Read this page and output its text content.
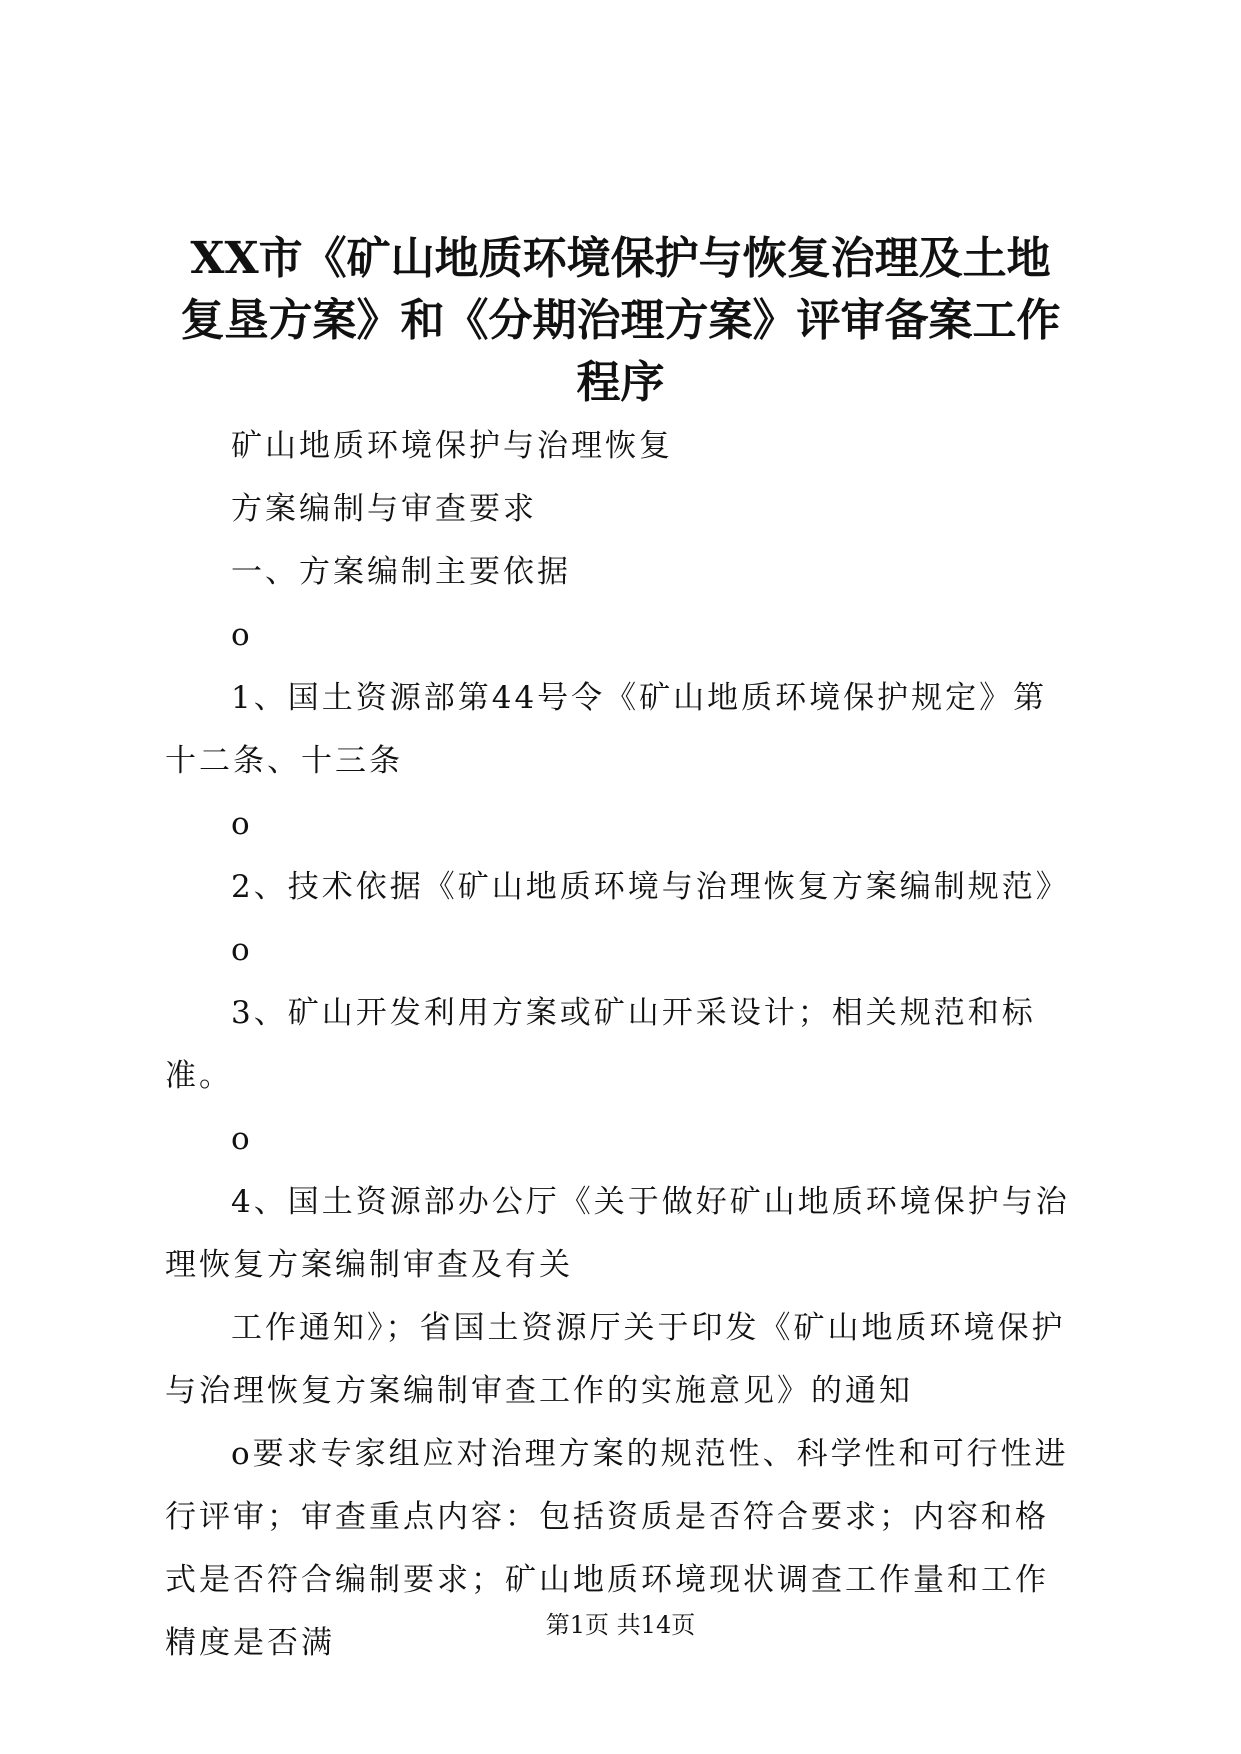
XX市《矿山地质环境保护与恢复治理及土地
复垦方案》和《分期治理方案》评审备案工作
程序

矿山地质环境保护与治理恢复

方案编制与审查要求

一、方案编制主要依据

o

1、国土资源部第44号令《矿山地质环境保护规定》第十二条、十三条

o

2、技术依据《矿山地质环境与治理恢复方案编制规范》

o

3、矿山开发利用方案或矿山开采设计；相关规范和标准。

o

4、国土资源部办公厅《关于做好矿山地质环境保护与治理恢复方案编制审查及有关

工作通知》；省国土资源厅关于印发《矿山地质环境保护与治理恢复方案编制审查工作的实施意见》的通知

o要求专家组应对治理方案的规范性、科学性和可行性进行评审；审查重点内容：包括资质是否符合要求；内容和格式是否符合编制要求；矿山地质环境现状调查工作量和工作精度是否满	第1页 共14页
